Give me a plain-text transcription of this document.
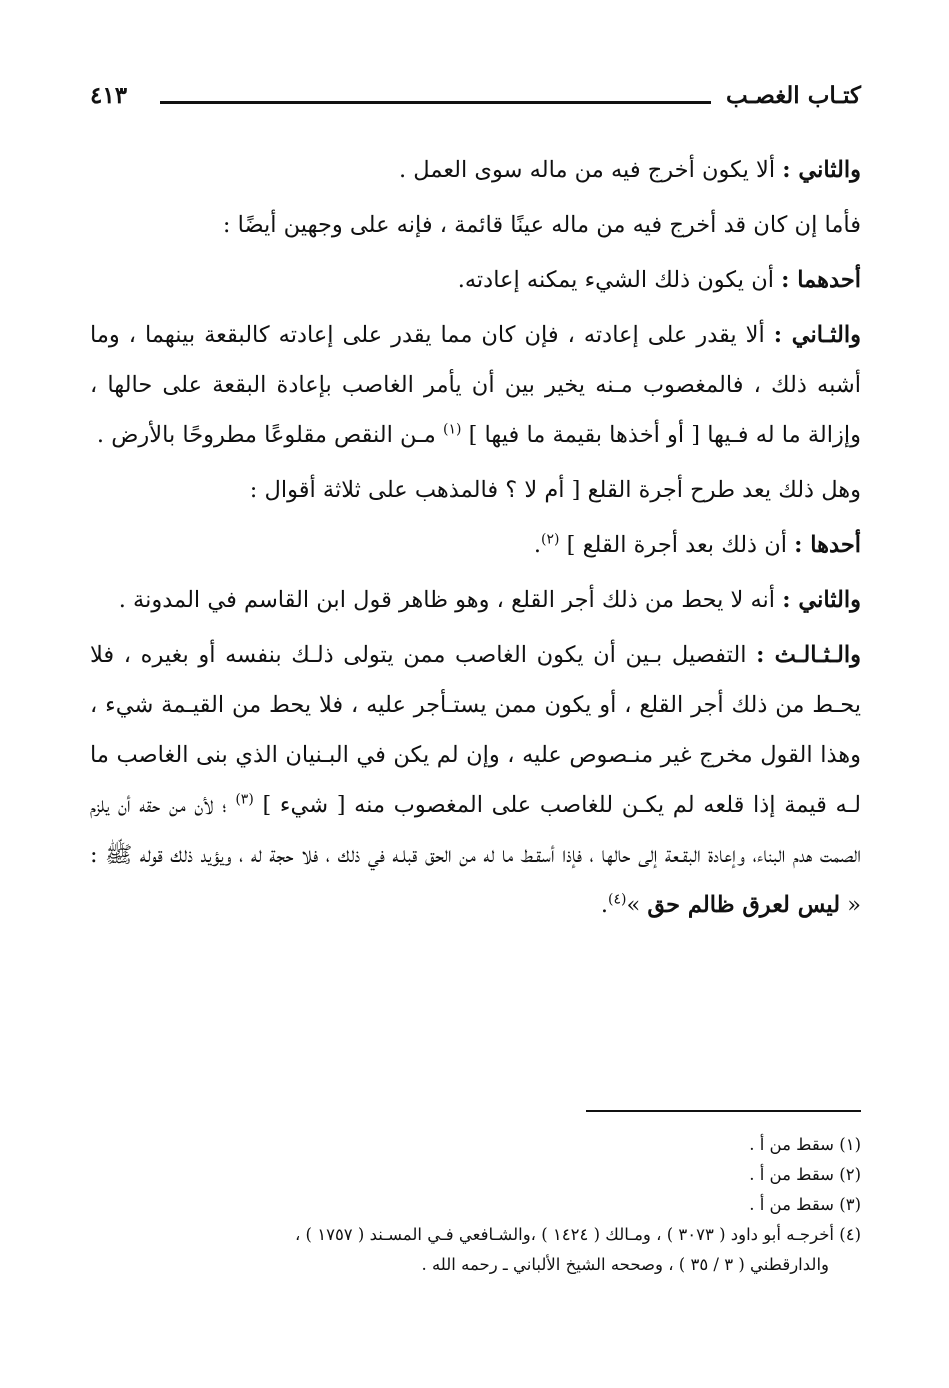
كتـاب الغصـب
٤١٣

والثاني : ألا يكون أخرج فيه من ماله سوى العمل .

فأما إن كان قد أخرج فيه من ماله عينًا قائمة ، فإنه على وجهين أيضًا :

أحدهما : أن يكون ذلك الشيء يمكنه إعادته.

والثـاني : ألا يقدر على إعادته ، فإن كان مما يقدر على إعادته كالبقعة بينهما ، وما أشبه ذلك ، فالمغصوب مـنه يخير بين أن يأمر الغاصب بإعادة البقعة على حالها ، وإزالة ما له فـيها [ أو أخذها بقيمة ما فيها ] $^{(١)}$ مـن النقص مقلوعًا مطروحًا بالأرض .

وهل ذلك يعد طرح أجرة القلع [ أم لا ؟ فالمذهب على ثلاثة أقوال :

أحدها : أن ذلك بعد أجرة القلع ] $^{(٢)}$.

والثاني : أنه لا يحط من ذلك أجر القلع ، وهو ظاهر قول ابن القاسم في المدونة .

والـثـالـث : التفصيل بـين أن يكون الغاصب ممن يتولى ذلـك بنفسه أو بغيره ، فلا يحـط من ذلك أجر القلع ، أو يكون ممن يستـأجر عليه ، فلا يحط من القيـمة شيء ، وهذا القول مخرج غير منـصوص عليه ، وإن لم يكن في البـنيان الذي بنى الغاصب ما لـه قيمة إذا قلعه لم يكـن للغاصب على المغصوب منه [ شيء ] $^{(٣)}$ ؛ لأن من حقه أن يلزم الصمت هدم البناء، وإعادة البقـعة إلى حالها ، فإذا أسقـط ما له من الحق قبلـه في ذلك ، فلا حجة له ، ويؤيد ذلك قوله ﷺ : « ليس لعرق ظالم حق »$^{(٤)}$.

(١) سقط من أ .

(٢) سقط من أ .

(٣) سقط من أ .

(٤) أخرجـه أبو داود ( ٣٠٧٣ ) ، ومـالك ( ١٤٢٤ ) ،والشـافعي فـي المسـند ( ١٧٥٧ ) ،

والدارقطني ( ٣ / ٣٥ ) ، وصححه الشيخ الألباني ـ رحمه الله .
